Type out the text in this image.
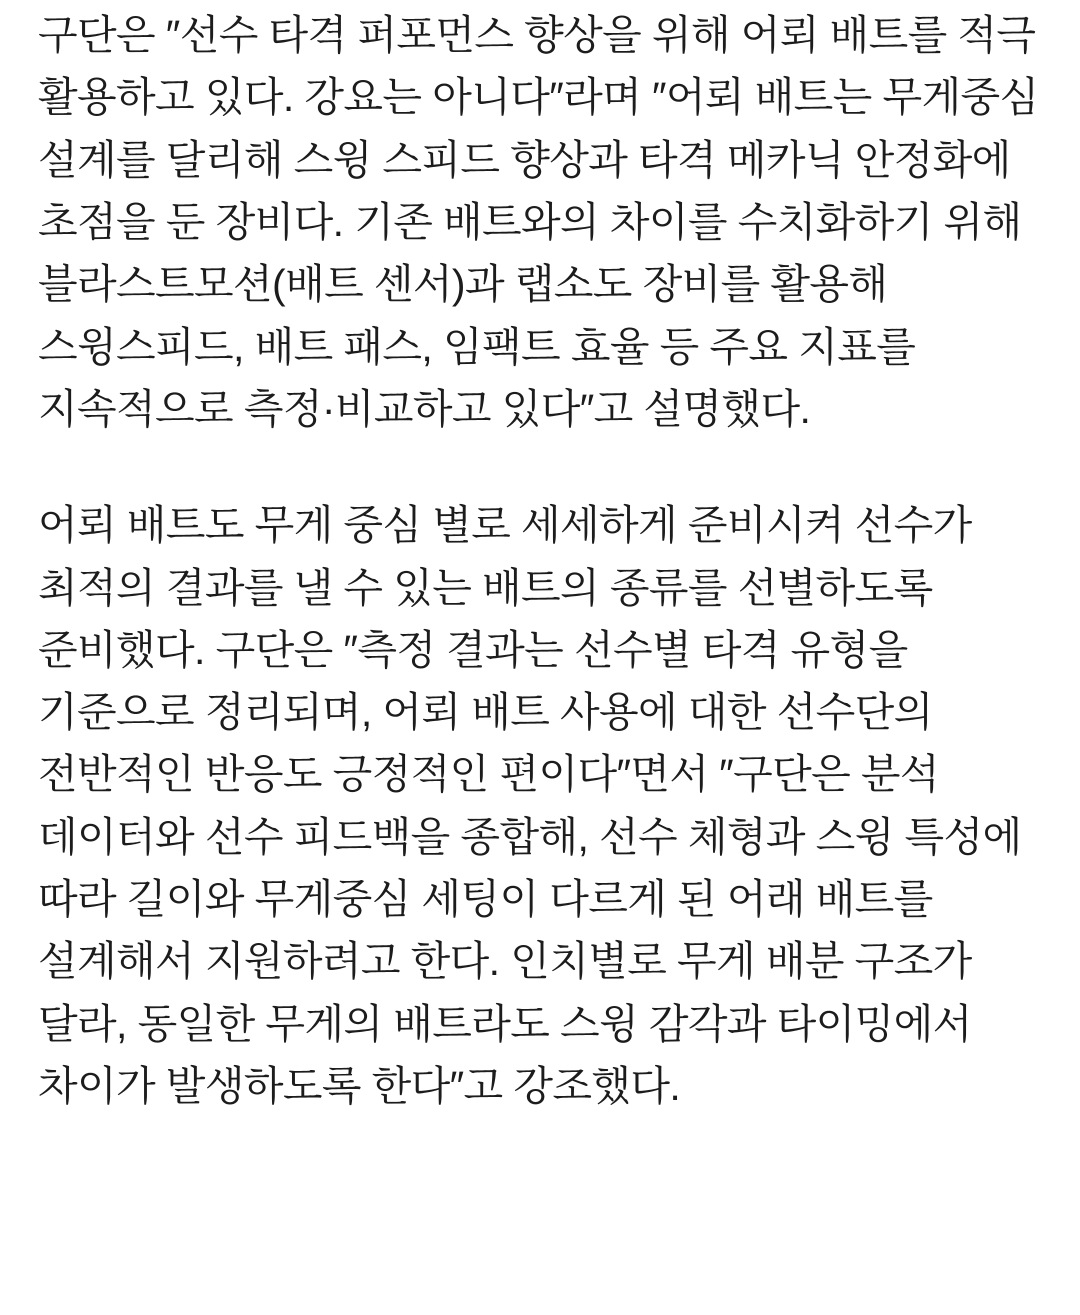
구단은 ″선수 타격 퍼포먼스 향상을 위해 어뢰 배트를 적극 활용하고 있다. 강요는 아니다″라며 ″어뢰 배트는 무게중심 설계를 달리해 스윙 스피드 향상과 타격 메카닉 안정화에 초점을 둔 장비다. 기존 배트와의 차이를 수치화하기 위해 블라스트모션(배트 센서)과 랩소도 장비를 활용해 스윙스피드, 배트 패스, 임팩트 효율 등 주요 지표를 지속적으로 측정·비교하고 있다″고 설명했다.

어뢰 배트도 무게 중심 별로 세세하게 준비시켜 선수가 최적의 결과를 낼 수 있는 배트의 종류를 선별하도록 준비했다. 구단은 ″측정 결과는 선수별 타격 유형을 기준으로 정리되며, 어뢰 배트 사용에 대한 선수단의 전반적인 반응도 긍정적인 편이다″면서 ″구단은 분석 데이터와 선수 피드백을 종합해, 선수 체형과 스윙 특성에 따라 길이와 무게중심 세팅이 다르게 된 어래 배트를 설계해서 지원하려고 한다. 인치별로 무게 배분 구조가 달라, 동일한 무게의 배트라도 스윙 감각과 타이밍에서 차이가 발생하도록 한다″고 강조했다.
